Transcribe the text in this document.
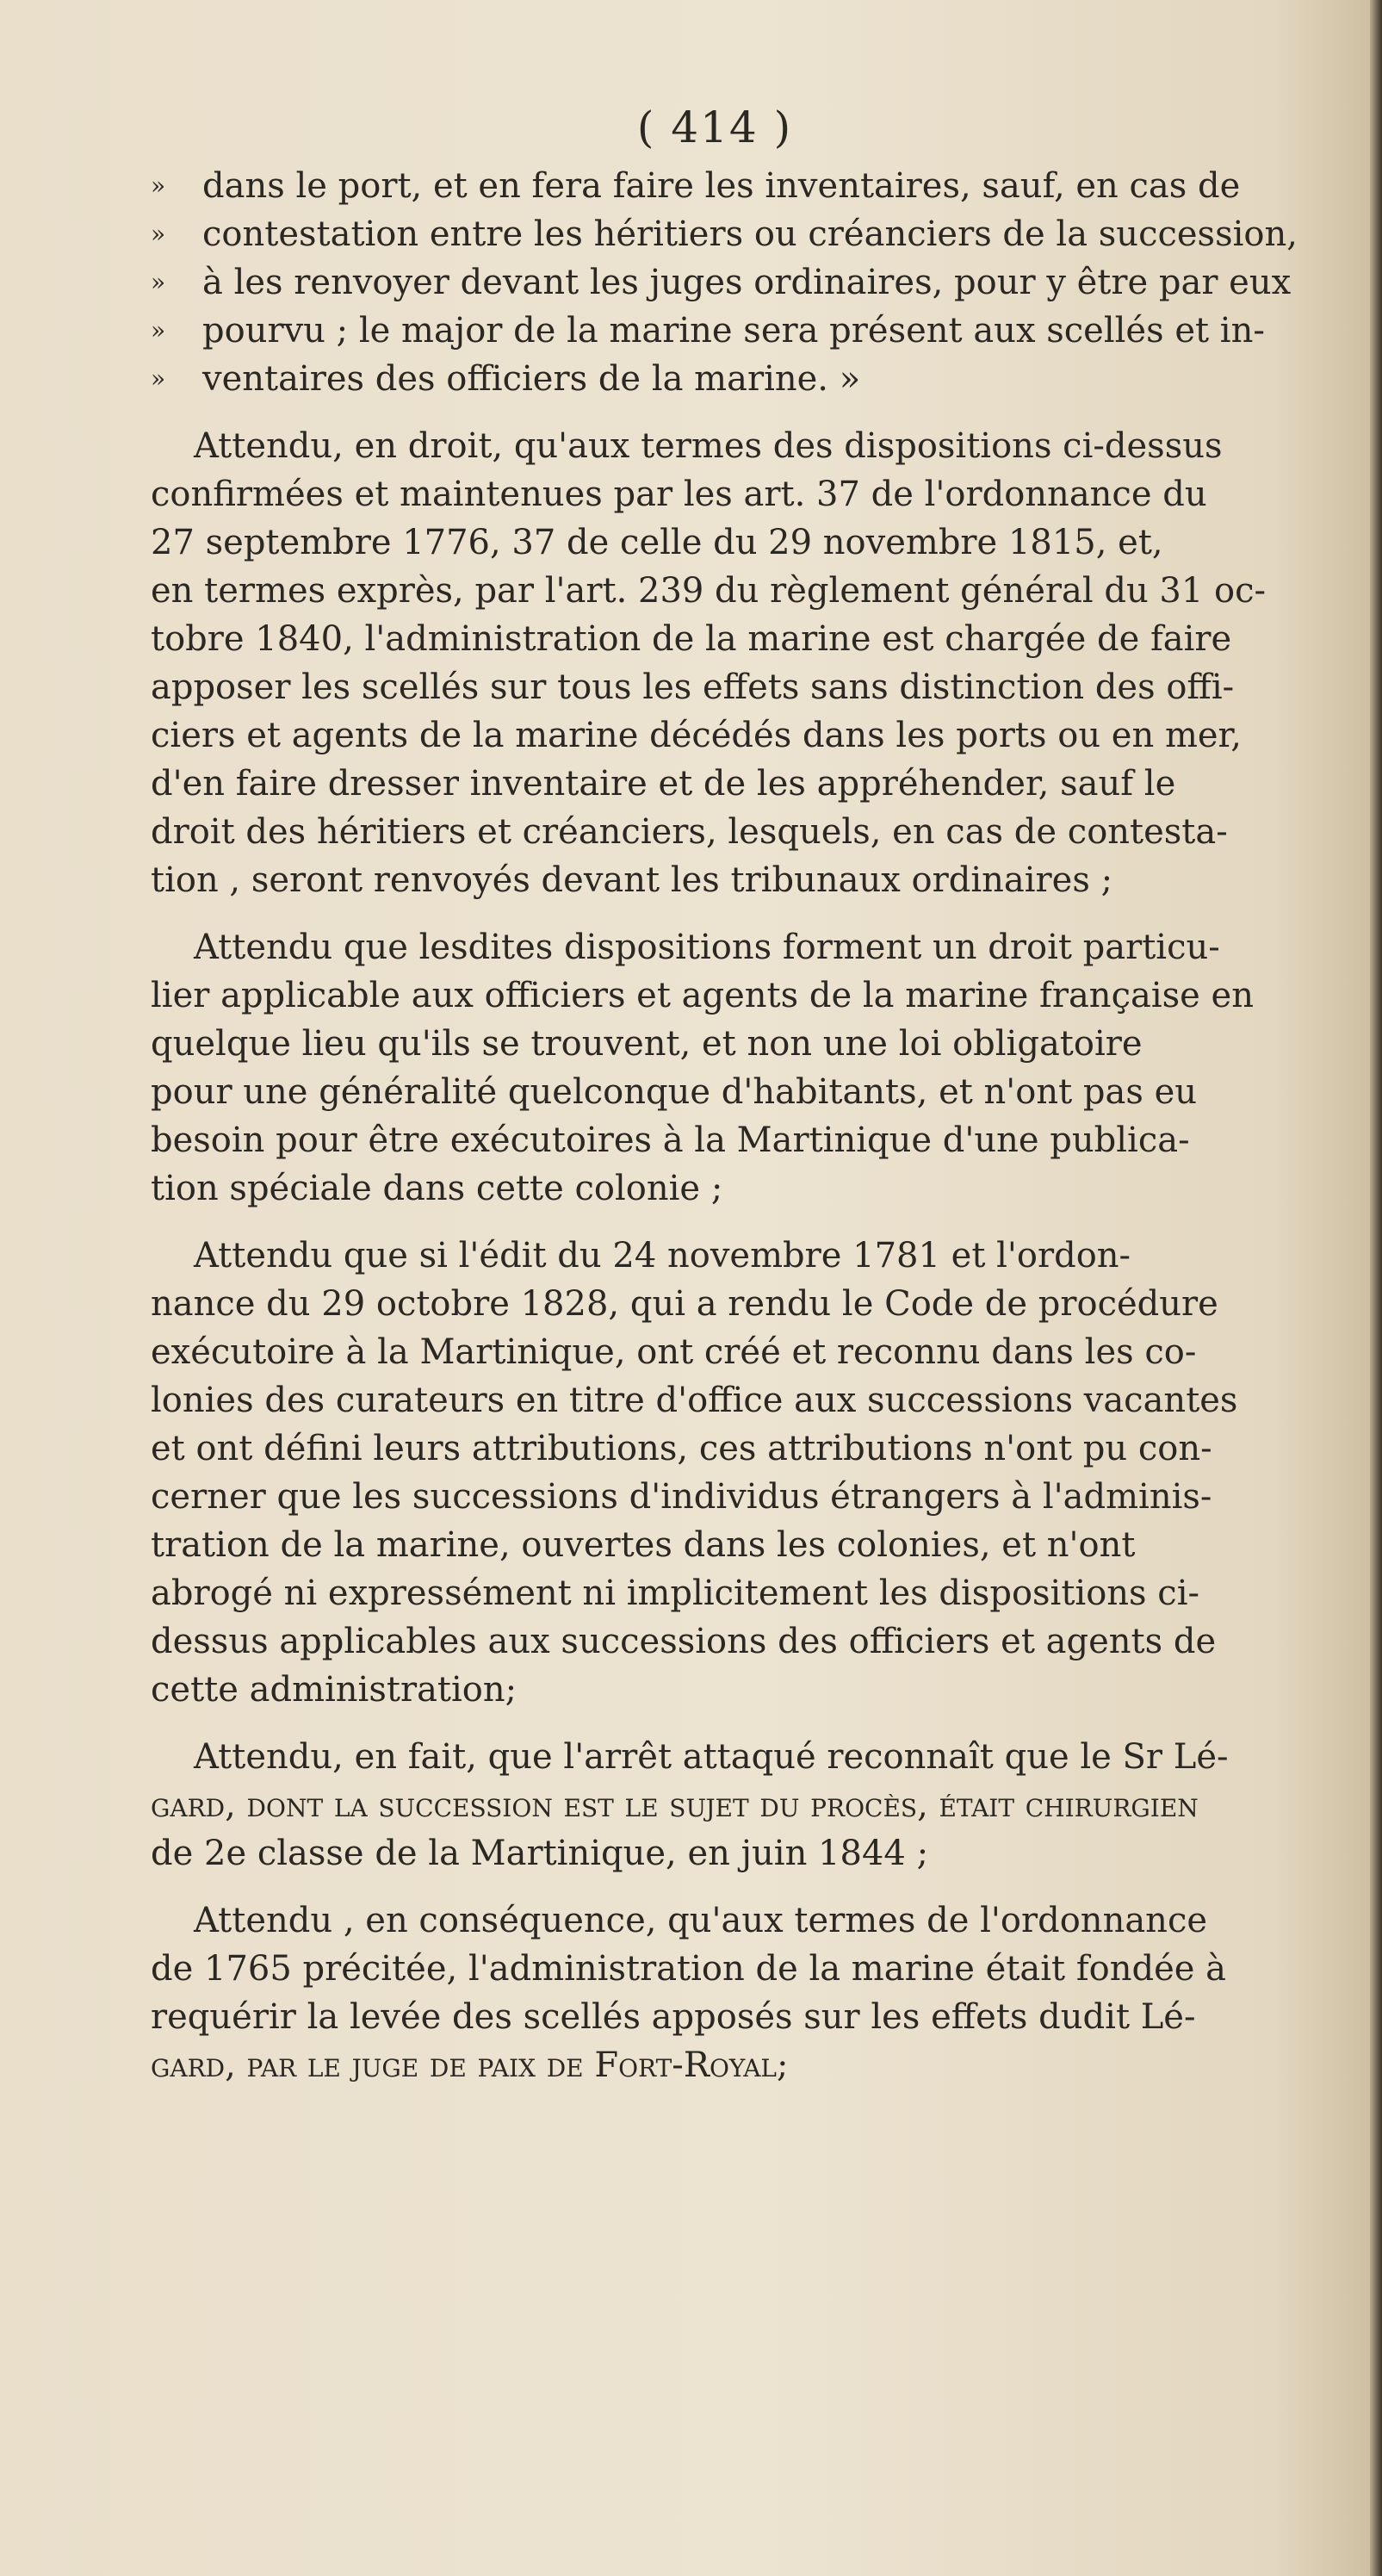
( 414 )
» dans le port, et en fera faire les inventaires, sauf, en cas de
» contestation entre les héritiers ou créanciers de la succession,
» à les renvoyer devant les juges ordinaires, pour y être par eux
» pourvu ; le major de la marine sera présent aux scellés et in-
» ventaires des officiers de la marine. »
Attendu, en droit, qu'aux termes des dispositions ci-dessus
confirmées et maintenues par les art. 37 de l'ordonnance du
27 septembre 1776, 37 de celle du 29 novembre 1815, et,
en termes exprès, par l'art. 239 du règlement général du 31 oc-
tobre 1840, l'administration de la marine est chargée de faire
apposer les scellés sur tous les effets sans distinction des offi-
ciers et agents de la marine décédés dans les ports ou en mer,
d'en faire dresser inventaire et de les appréhender, sauf le
droit des héritiers et créanciers, lesquels, en cas de contesta-
tion , seront renvoyés devant les tribunaux ordinaires ;
Attendu que lesdites dispositions forment un droit particu-
lier applicable aux officiers et agents de la marine française en
quelque lieu qu'ils se trouvent, et non une loi obligatoire
pour une généralité quelconque d'habitants, et n'ont pas eu
besoin pour être exécutoires à la Martinique d'une publica-
tion spéciale dans cette colonie ;
Attendu que si l'édit du 24 novembre 1781 et l'ordon-
nance du 29 octobre 1828, qui a rendu le Code de procédure
exécutoire à la Martinique, ont créé et reconnu dans les co-
lonies des curateurs en titre d'office aux successions vacantes
et ont défini leurs attributions, ces attributions n'ont pu con-
cerner que les successions d'individus étrangers à l'adminis-
tration de la marine, ouvertes dans les colonies, et n'ont
abrogé ni expressément ni implicitement les dispositions ci-
dessus applicables aux successions des officiers et agents de
cette administration;
Attendu, en fait, que l'arrêt attaqué reconnaît que le Sr Lé-
gard, dont la succession est le sujet du procès, était chirurgien
de 2e classe de la Martinique, en juin 1844 ;
Attendu , en conséquence, qu'aux termes de l'ordonnance
de 1765 précitée, l'administration de la marine était fondée à
requérir la levée des scellés apposés sur les effets dudit Lé-
gard, par le juge de paix de Fort-Royal;
